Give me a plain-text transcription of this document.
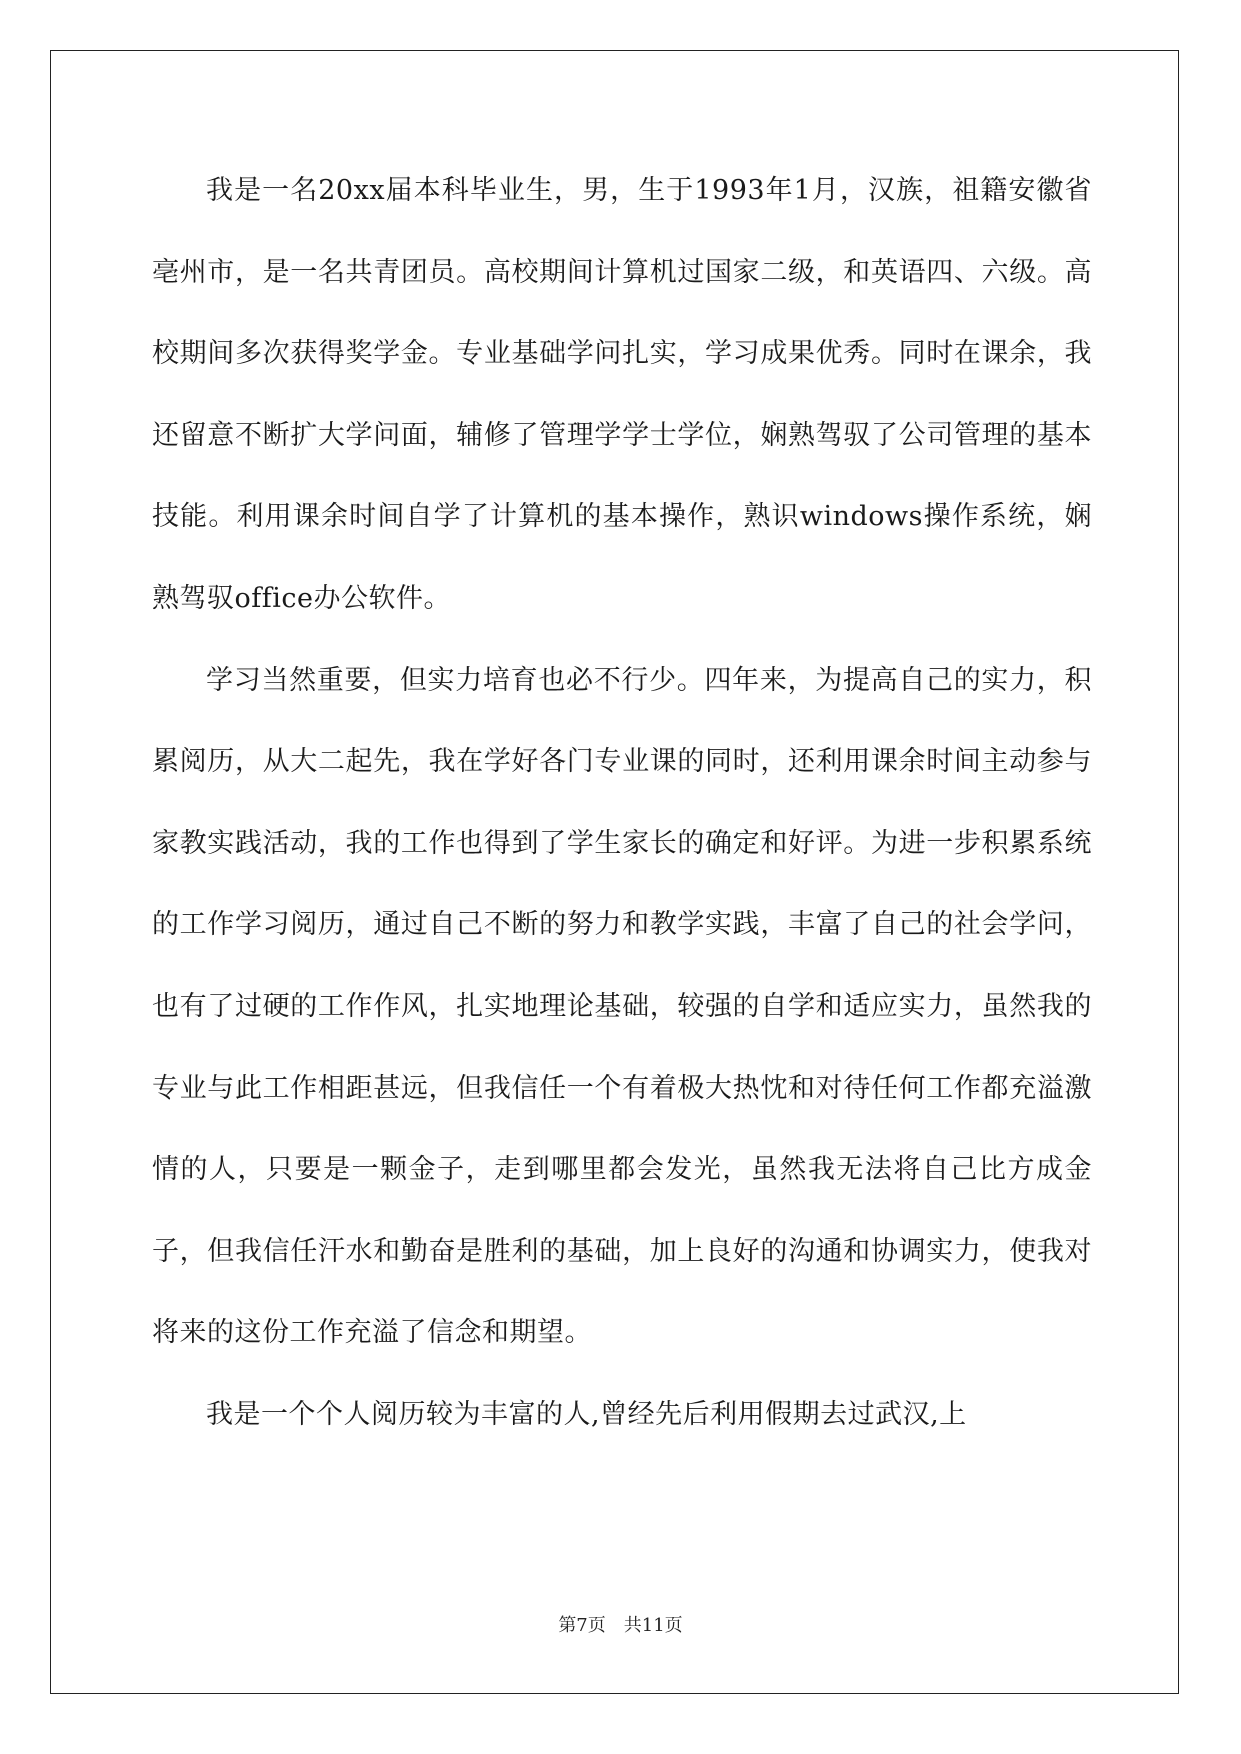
我是一名20xx届本科毕业生，男，生于1993年1月，汉族，祖籍安徽省亳州市，是一名共青团员。高校期间计算机过国家二级，和英语四、六级。高校期间多次获得奖学金。专业基础学问扎实，学习成果优秀。同时在课余，我还留意不断扩大学问面，辅修了管理学学士学位，娴熟驾驭了公司管理的基本技能。利用课余时间自学了计算机的基本操作，熟识windows操作系统，娴熟驾驭office办公软件。

学习当然重要，但实力培育也必不行少。四年来，为提高自己的实力，积累阅历，从大二起先，我在学好各门专业课的同时，还利用课余时间主动参与家教实践活动，我的工作也得到了学生家长的确定和好评。为进一步积累系统的工作学习阅历，通过自己不断的努力和教学实践，丰富了自己的社会学问，也有了过硬的工作作风，扎实地理论基础，较强的自学和适应实力，虽然我的专业与此工作相距甚远，但我信任一个有着极大热忱和对待任何工作都充溢激情的人，只要是一颗金子，走到哪里都会发光，虽然我无法将自己比方成金子，但我信任汗水和勤奋是胜利的基础，加上良好的沟通和协调实力，使我对将来的这份工作充溢了信念和期望。

我是一个个人阅历较为丰富的人,曾经先后利用假期去过武汉,上

第7页　共11页
